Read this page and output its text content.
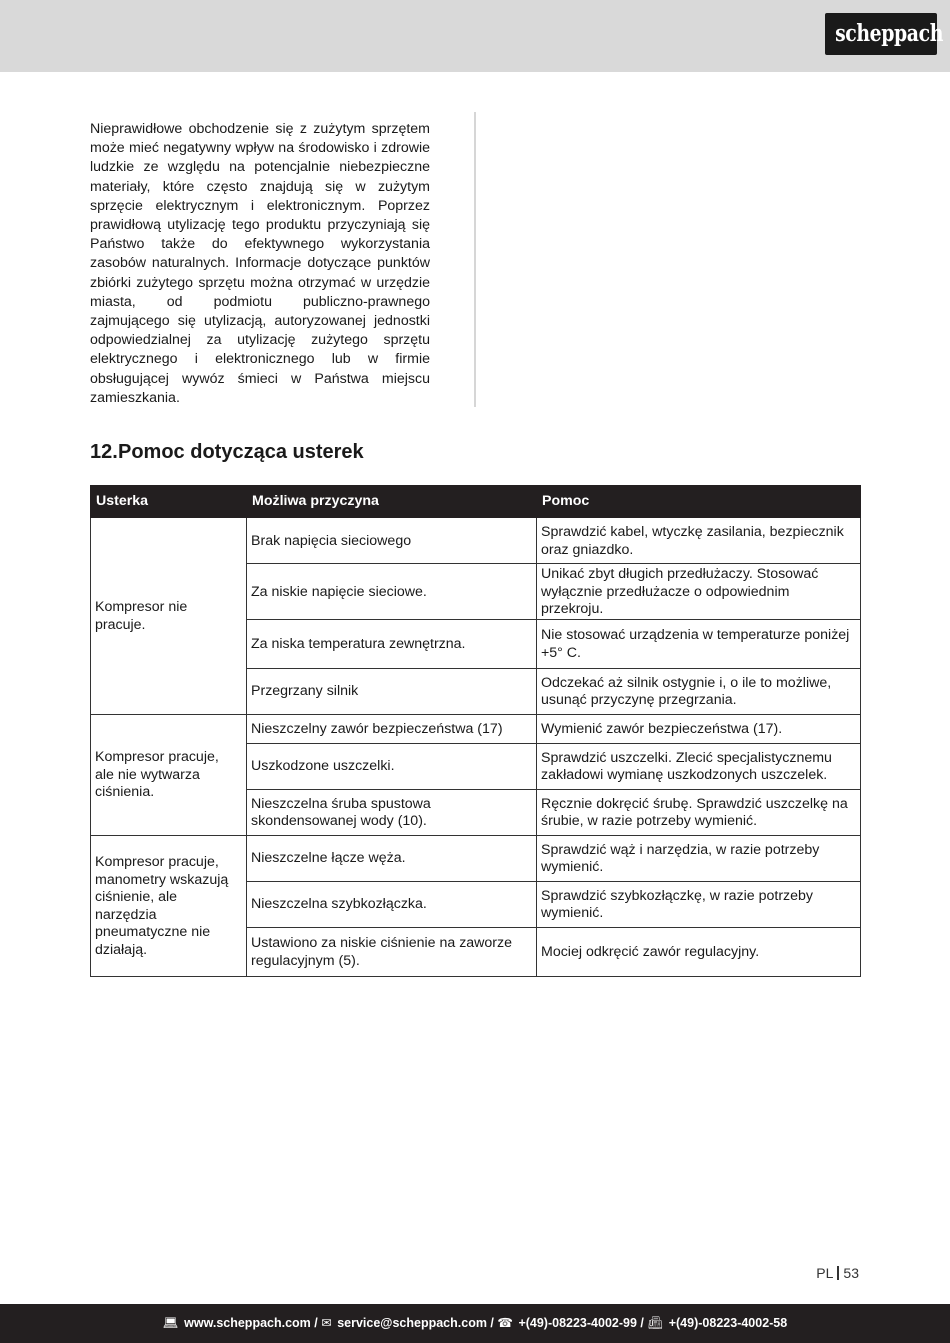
scheppach

Nieprawidłowe obchodzenie się z zużytym sprzętem może mieć negatywny wpływ na środowisko i zdrowie ludzkie ze względu na potencjalnie niebezpieczne materiały, które często znajdują się w zużytym sprzęcie elektrycznym i elektronicznym. Poprzez prawidłową utylizację tego produktu przyczyniają się Państwo także do efektywnego wykorzystania zasobów naturalnych. Informacje dotyczące punktów zbiórki zużytego sprzętu można otrzymać w urzędzie miasta, od podmiotu publiczno-prawnego zajmującego się utylizacją, autoryzowanej jednostki odpowiedzialnej za utylizację zużytego sprzętu elektrycznego i elektronicznego lub w firmie obsługującej wywóz śmieci w Państwa miejscu zamieszkania.

12.Pomoc dotycząca usterek
Usterka	Możliwa przyczyna	Pomoc
Kompresor nie pracuje.	Brak napięcia sieciowego	Sprawdzić kabel, wtyczkę zasilania, bezpiecznik oraz gniazdko.
	Za niskie napięcie sieciowe.	Unikać zbyt długich przedłużaczy. Stosować wyłącznie przedłużacze o odpowiednim przekroju.
	Za niska temperatura zewnętrzna.	Nie stosować urządzenia w temperaturze poniżej +5° C.
	Przegrzany silnik	Odczekać aż silnik ostygnie i, o ile to możliwe, usunąć przyczynę przegrzania.
Kompresor pracuje, ale nie wytwarza ciśnienia.	Nieszczelny zawór bezpieczeństwa (17)	Wymienić zawór bezpieczeństwa (17).
	Uszkodzone uszczelki.	Sprawdzić uszczelki. Zlecić specjalistycznemu zakładowi wymianę uszkodzonych uszczelek.
	Nieszczelna śruba spustowa skondensowanej wody (10).	Ręcznie dokręcić śrubę. Sprawdzić uszczelkę na śrubie, w razie potrzeby wymienić.
Kompresor pracuje, manometry wskazują ciśnienie, ale narzędzia pneumatyczne nie działają.	Nieszczelne łącze węża.	Sprawdzić wąż i narzędzia, w razie potrzeby wymienić.
	Nieszczelna szybkozłączka.	Sprawdzić szybkozłączkę, w razie potrzeby wymienić.
	Ustawiono za niskie ciśnienie na zaworze regulacyjnym (5).	Mociej odkręcić zawór regulacyjny.
PL 53
💻︎ www.scheppach.com / ✉︎ service@scheppach.com / ☎︎ +(49)-08223-4002-99 / 📠︎ +(49)-08223-4002-58
